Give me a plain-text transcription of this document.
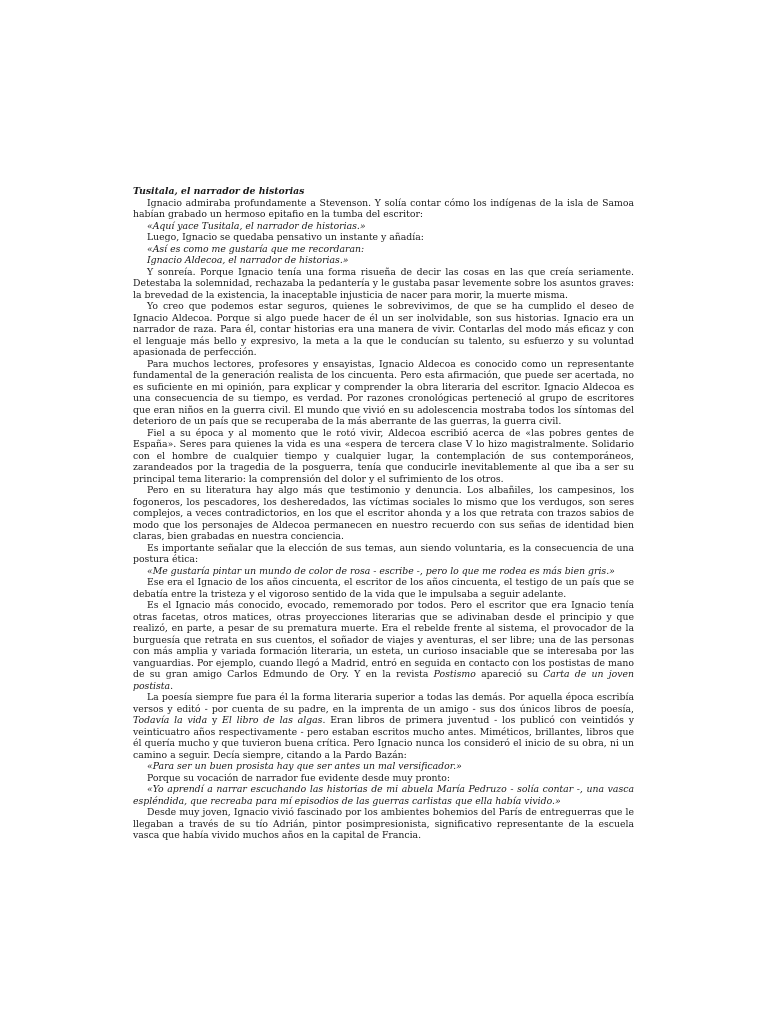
Tusitala, el narrador de historias

Ignacio admiraba profundamente a Stevenson. Y solía contar cómo los indígenas de la isla de Samoa habían grabado un hermoso epitafio en la tumba del escritor:

«Aquí yace Tusitala, el narrador de historias.»

Luego, Ignacio se quedaba pensativo un instante y añadía:

«Así es como me gustaría que me recordaran:

Ignacio Aldecoa, el narrador de historias.»

Y sonreía. Porque Ignacio tenía una forma risueña de decir las cosas en las que creía seriamente. Detestaba la solemnidad, rechazaba la pedantería y le gustaba pasar levemente sobre los asuntos graves: la brevedad de la existencia, la inaceptable injusticia de nacer para morir, la muerte misma.

Yo creo que podemos estar seguros, quienes le sobrevivimos, de que se ha cumplido el deseo de Ignacio Aldecoa. Porque si algo puede hacer de él un ser inolvidable, son sus historias. Ignacio era un narrador de raza. Para él, contar historias era una manera de vivir. Contarlas del modo más eficaz y con el lenguaje más bello y expresivo, la meta a la que le conducían su talento, su esfuerzo y su voluntad apasionada de perfección.

Para muchos lectores, profesores y ensayistas, Ignacio Aldecoa es conocido como un representante fundamental de la generación realista de los cincuenta. Pero esta afirmación, que puede ser acertada, no es suficiente en mi opinión, para explicar y comprender la obra literaria del escritor. Ignacio Aldecoa es una consecuencia de su tiempo, es verdad. Por razones cronológicas perteneció al grupo de escritores que eran niños en la guerra civil. El mundo que vivió en su adolescencia mostraba todos los síntomas del deterioro de un país que se recuperaba de la más aberrante de las guerras, la guerra civil.

Fiel a su época y al momento que le rotó vivir, Aldecoa escribió acerca de «las pobres gentes de España». Seres para quienes la vida es una «espera de tercera clase V lo hizo magistralmente. Solidario con el hombre de cualquier tiempo y cualquier lugar, la contemplación de sus contemporáneos, zarandeados por la tragedia de la posguerra, tenía que conducirle inevitablemente al que iba a ser su principal tema literario: la comprensión del dolor y el sufrimiento de los otros.

Pero en su literatura hay algo más que testimonio y denuncia. Los albañiles, los campesinos, los fogoneros, los pescadores, los desheredados, las víctimas sociales lo mismo que los verdugos, son seres complejos, a veces contradictorios, en los que el escritor ahonda y a los que retrata con trazos sabios de modo que los personajes de Aldecoa permanecen en nuestro recuerdo con sus señas de identidad bien claras, bien grabadas en nuestra conciencia.

Es importante señalar que la elección de sus temas, aun siendo voluntaria, es la consecuencia de una postura ética:

«Me gustaría pintar un mundo de color de rosa - escribe -, pero lo que me rodea es más bien gris.»

Ese era el Ignacio de los años cincuenta, el escritor de los años cincuenta, el testigo de un país que se debatía entre la tristeza y el vigoroso sentido de la vida que le impulsaba a seguir adelante.

Es el Ignacio más conocido, evocado, rememorado por todos. Pero el escritor que era Ignacio tenía otras facetas, otros matices, otras proyecciones literarias que se adivinaban desde el principio y que realizó, en parte, a pesar de su prematura muerte. Era el rebelde frente al sistema, el provocador de la burguesía que retrata en sus cuentos, el soñador de viajes y aventuras, el ser libre; una de las personas con más amplia y variada formación literaria, un esteta, un curioso insaciable que se interesaba por las vanguardias. Por ejemplo, cuando llegó a Madrid, entró en seguida en contacto con los postistas de mano de su gran amigo Carlos Edmundo de Ory. Y en la revista Postismo apareció su Carta de un joven postista.

La poesía siempre fue para él la forma literaria superior a todas las demás. Por aquella época escribía versos y editó - por cuenta de su padre, en la imprenta de un amigo - sus dos únicos libros de poesía, Todavía la vida y El libro de las algas. Eran libros de primera juventud - los publicó con veintidós y veinticuatro años respectivamente - pero estaban escritos mucho antes. Miméticos, brillantes, libros que él quería mucho y que tuvieron buena crítica. Pero Ignacio nunca los consideró el inicio de su obra, ni un camino a seguir. Decía siempre, citando a la Pardo Bazán:

«Para ser un buen prosista hay que ser antes un mal versificador.»

Porque su vocación de narrador fue evidente desde muy pronto:

«Yo aprendí a narrar escuchando las historias de mi abuela María Pedruzo - solía contar -, una vasca espléndida, que recreaba para mí episodios de las guerras carlistas que ella había vivido.»

Desde muy joven, Ignacio vivió fascinado por los ambientes bohemios del París de entreguerras que le llegaban a través de su tío Adrián, pintor posimpresionista, significativo representante de la escuela vasca que había vivido muchos años en la capital de Francia.
